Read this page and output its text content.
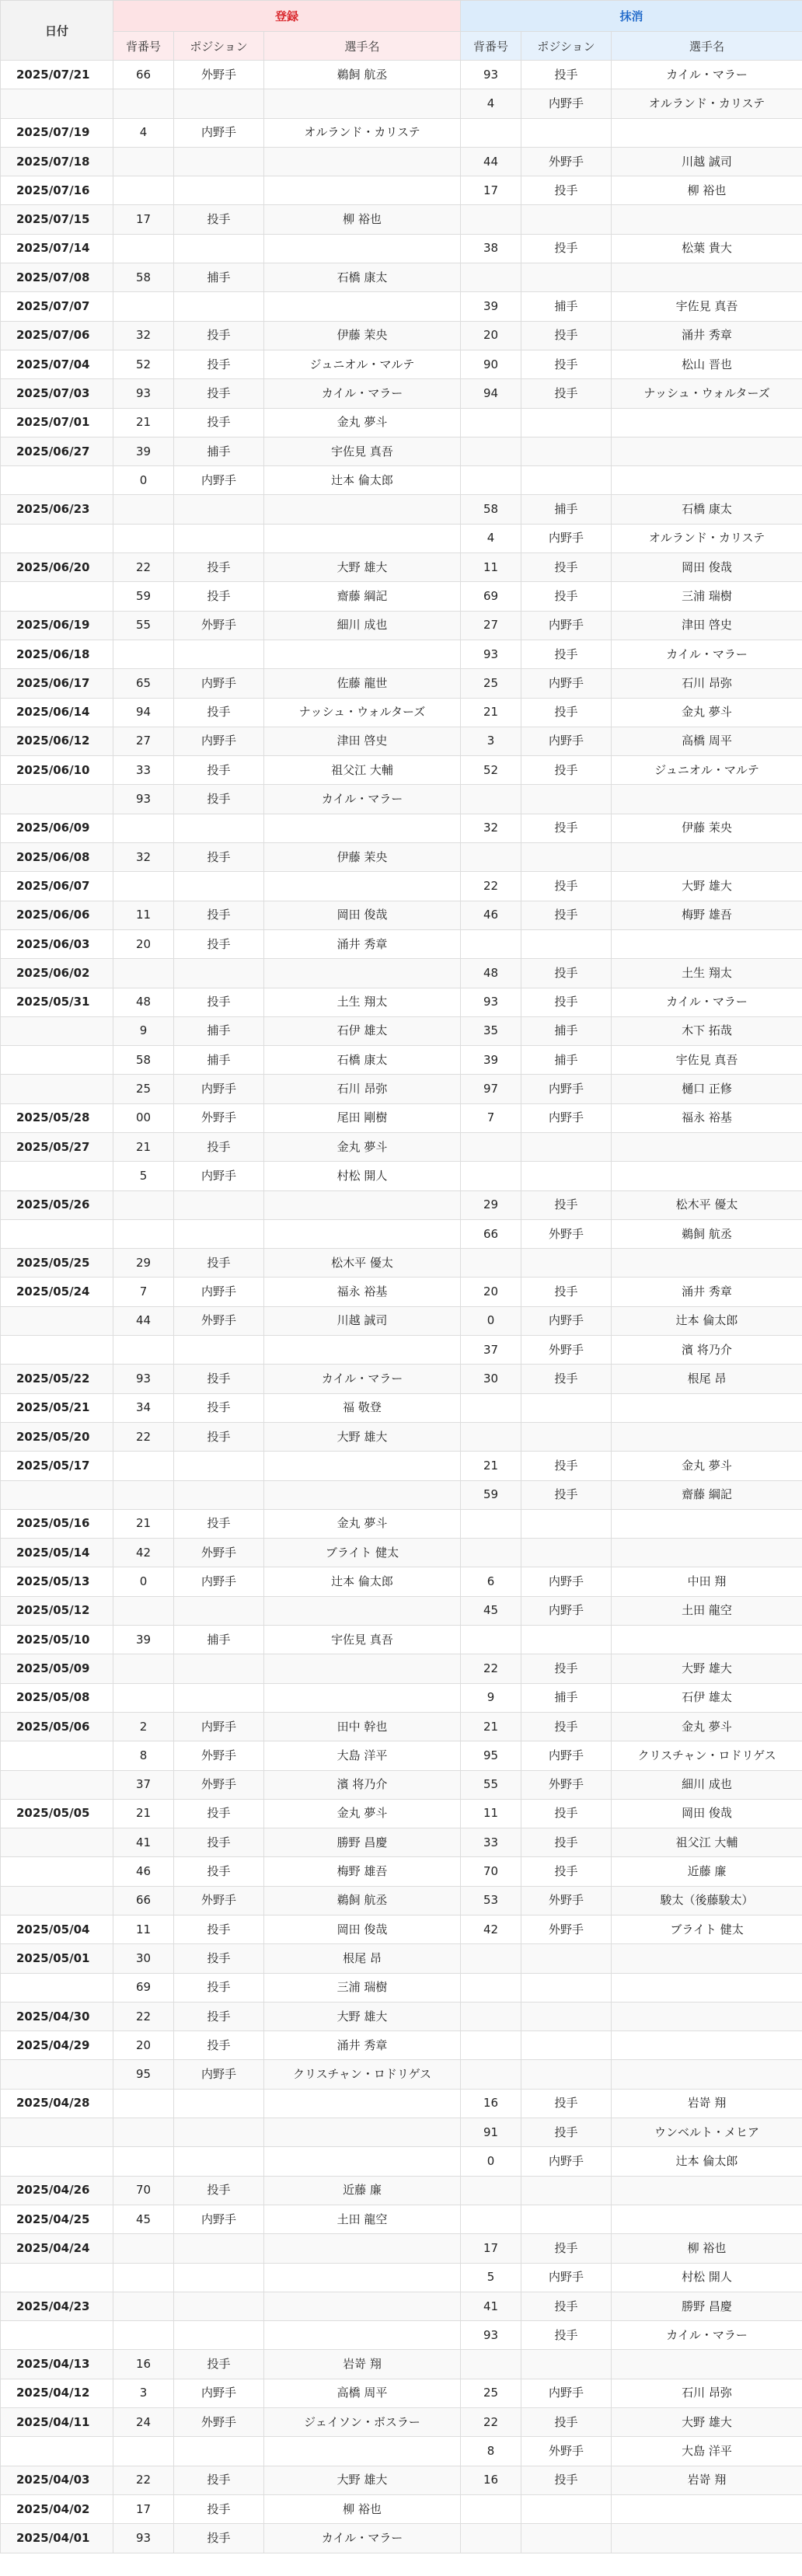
日付	登録			抹消		
	背番号	ポジション	選手名	背番号	ポジション	選手名
2025/07/21	66	外野手	鵜飼 航丞	93	投手	カイル・マラー
				4	内野手	オルランド・カリステ
2025/07/19	4	内野手	オルランド・カリステ			
2025/07/18				44	外野手	川越 誠司
2025/07/16				17	投手	柳 裕也
2025/07/15	17	投手	柳 裕也			
2025/07/14				38	投手	松葉 貴大
2025/07/08	58	捕手	石橋 康太			
2025/07/07				39	捕手	宇佐見 真吾
2025/07/06	32	投手	伊藤 茉央	20	投手	涌井 秀章
2025/07/04	52	投手	ジュニオル・マルテ	90	投手	松山 晋也
2025/07/03	93	投手	カイル・マラー	94	投手	ナッシュ・ウォルターズ
2025/07/01	21	投手	金丸 夢斗			
2025/06/27	39	捕手	宇佐見 真吾			
	0	内野手	辻本 倫太郎			
2025/06/23				58	捕手	石橋 康太
				4	内野手	オルランド・カリステ
2025/06/20	22	投手	大野 雄大	11	投手	岡田 俊哉
	59	投手	齋藤 綱記	69	投手	三浦 瑞樹
2025/06/19	55	外野手	細川 成也	27	内野手	津田 啓史
2025/06/18				93	投手	カイル・マラー
2025/06/17	65	内野手	佐藤 龍世	25	内野手	石川 昂弥
2025/06/14	94	投手	ナッシュ・ウォルターズ	21	投手	金丸 夢斗
2025/06/12	27	内野手	津田 啓史	3	内野手	高橋 周平
2025/06/10	33	投手	祖父江 大輔	52	投手	ジュニオル・マルテ
	93	投手	カイル・マラー			
2025/06/09				32	投手	伊藤 茉央
2025/06/08	32	投手	伊藤 茉央			
2025/06/07				22	投手	大野 雄大
2025/06/06	11	投手	岡田 俊哉	46	投手	梅野 雄吾
2025/06/03	20	投手	涌井 秀章			
2025/06/02				48	投手	土生 翔太
2025/05/31	48	投手	土生 翔太	93	投手	カイル・マラー
	9	捕手	石伊 雄太	35	捕手	木下 拓哉
	58	捕手	石橋 康太	39	捕手	宇佐見 真吾
	25	内野手	石川 昂弥	97	内野手	樋口 正修
2025/05/28	00	外野手	尾田 剛樹	7	内野手	福永 裕基
2025/05/27	21	投手	金丸 夢斗			
	5	内野手	村松 開人			
2025/05/26				29	投手	松木平 優太
				66	外野手	鵜飼 航丞
2025/05/25	29	投手	松木平 優太			
2025/05/24	7	内野手	福永 裕基	20	投手	涌井 秀章
	44	外野手	川越 誠司	0	内野手	辻本 倫太郎
				37	外野手	濱 将乃介
2025/05/22	93	投手	カイル・マラー	30	投手	根尾 昂
2025/05/21	34	投手	福 敬登			
2025/05/20	22	投手	大野 雄大			
2025/05/17				21	投手	金丸 夢斗
				59	投手	齋藤 綱記
2025/05/16	21	投手	金丸 夢斗			
2025/05/14	42	外野手	ブライト 健太			
2025/05/13	0	内野手	辻本 倫太郎	6	内野手	中田 翔
2025/05/12				45	内野手	土田 龍空
2025/05/10	39	捕手	宇佐見 真吾			
2025/05/09				22	投手	大野 雄大
2025/05/08				9	捕手	石伊 雄太
2025/05/06	2	内野手	田中 幹也	21	投手	金丸 夢斗
	8	外野手	大島 洋平	95	内野手	クリスチャン・ロドリゲス
	37	外野手	濱 将乃介	55	外野手	細川 成也
2025/05/05	21	投手	金丸 夢斗	11	投手	岡田 俊哉
	41	投手	勝野 昌慶	33	投手	祖父江 大輔
	46	投手	梅野 雄吾	70	投手	近藤 廉
	66	外野手	鵜飼 航丞	53	外野手	駿太（後藤駿太）
2025/05/04	11	投手	岡田 俊哉	42	外野手	ブライト 健太
2025/05/01	30	投手	根尾 昂			
	69	投手	三浦 瑞樹			
2025/04/30	22	投手	大野 雄大			
2025/04/29	20	投手	涌井 秀章			
	95	内野手	クリスチャン・ロドリゲス			
2025/04/28				16	投手	岩嵜 翔
				91	投手	ウンベルト・メヒア
				0	内野手	辻本 倫太郎
2025/04/26	70	投手	近藤 廉			
2025/04/25	45	内野手	土田 龍空			
2025/04/24				17	投手	柳 裕也
				5	内野手	村松 開人
2025/04/23				41	投手	勝野 昌慶
				93	投手	カイル・マラー
2025/04/13	16	投手	岩嵜 翔			
2025/04/12	3	内野手	高橋 周平	25	内野手	石川 昂弥
2025/04/11	24	外野手	ジェイソン・ボスラー	22	投手	大野 雄大
				8	外野手	大島 洋平
2025/04/03	22	投手	大野 雄大	16	投手	岩嵜 翔
2025/04/02	17	投手	柳 裕也			
2025/04/01	93	投手	カイル・マラー			
